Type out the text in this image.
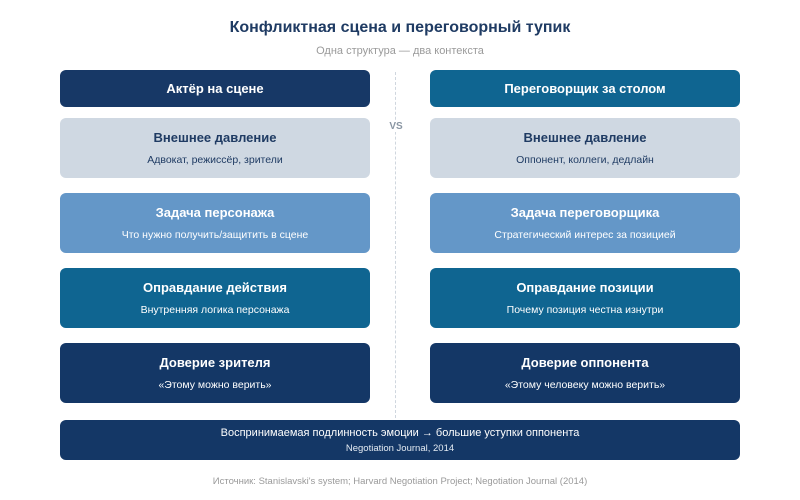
Конфликтная сцена и переговорный тупик
Одна структура — два контекста
VS
Актёр на сцене
Внешнее давление
Адвокат, режиссёр, зрители
Задача персонажа
Что нужно получить/защитить в сцене
Оправдание действия
Внутренняя логика персонажа
Доверие зрителя
«Этому можно верить»
Переговорщик за столом
Внешнее давление
Оппонент, коллеги, дедлайн
Задача переговорщика
Стратегический интерес за позицией
Оправдание позиции
Почему позиция честна изнутри
Доверие оппонента
«Этому человеку можно верить»
Воспринимаемая подлинность эмоции → большие уступки оппонента
Negotiation Journal, 2014
Источник: Stanislavski's system; Harvard Negotiation Project; Negotiation Journal (2014)
